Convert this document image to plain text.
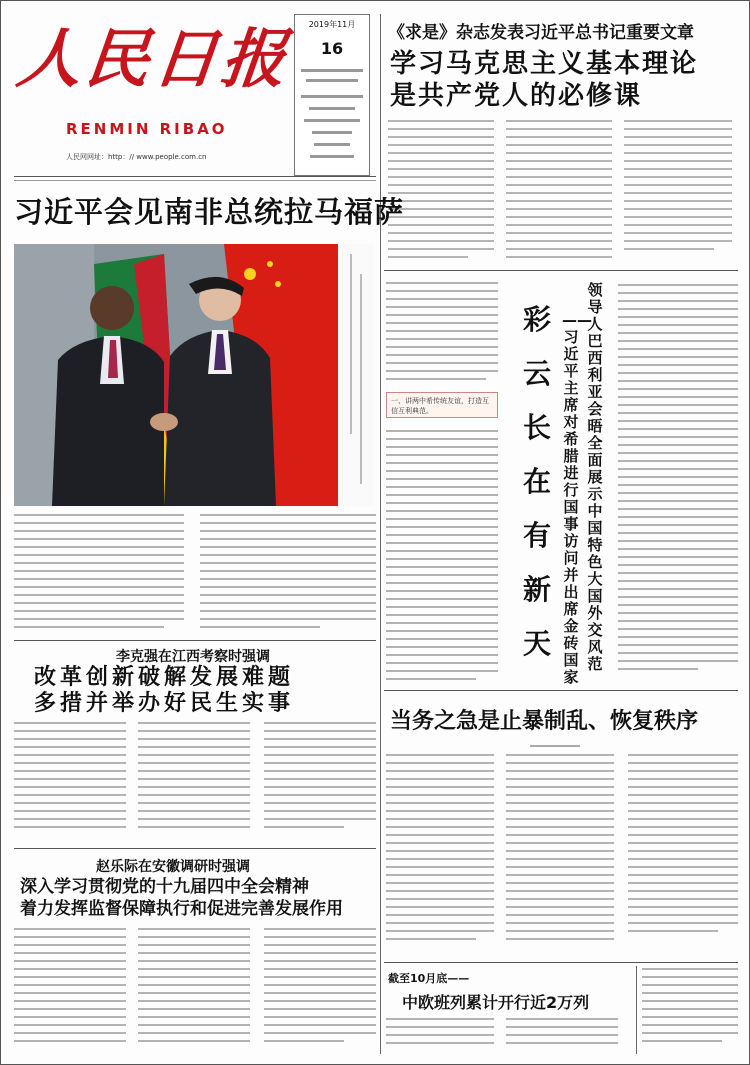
人民日报
RENMIN RIBAO
人民网网址：http：// www.people.com.cn
2019年11月
16
《求是》杂志发表习近平总书记重要文章
学习马克思主义基本理论
是共产党人的必修课
习近平会见南非总统拉马福萨
一、讲两中希传统友谊，打造互信互利典范。
彩
云
长
在
有
新
天
领导人巴西利亚会晤全面展示中国特色大国外交风范
——习近平主席对希腊进行国事访问并出席金砖国家
李克强在江西考察时强调
改革创新破解发展难题
多措并举办好民生实事
赵乐际在安徽调研时强调
深入学习贯彻党的十九届四中全会精神
着力发挥监督保障执行和促进完善发展作用
当务之急是止暴制乱、恢复秩序
截至10月底——
中欧班列累计开行近2万列
